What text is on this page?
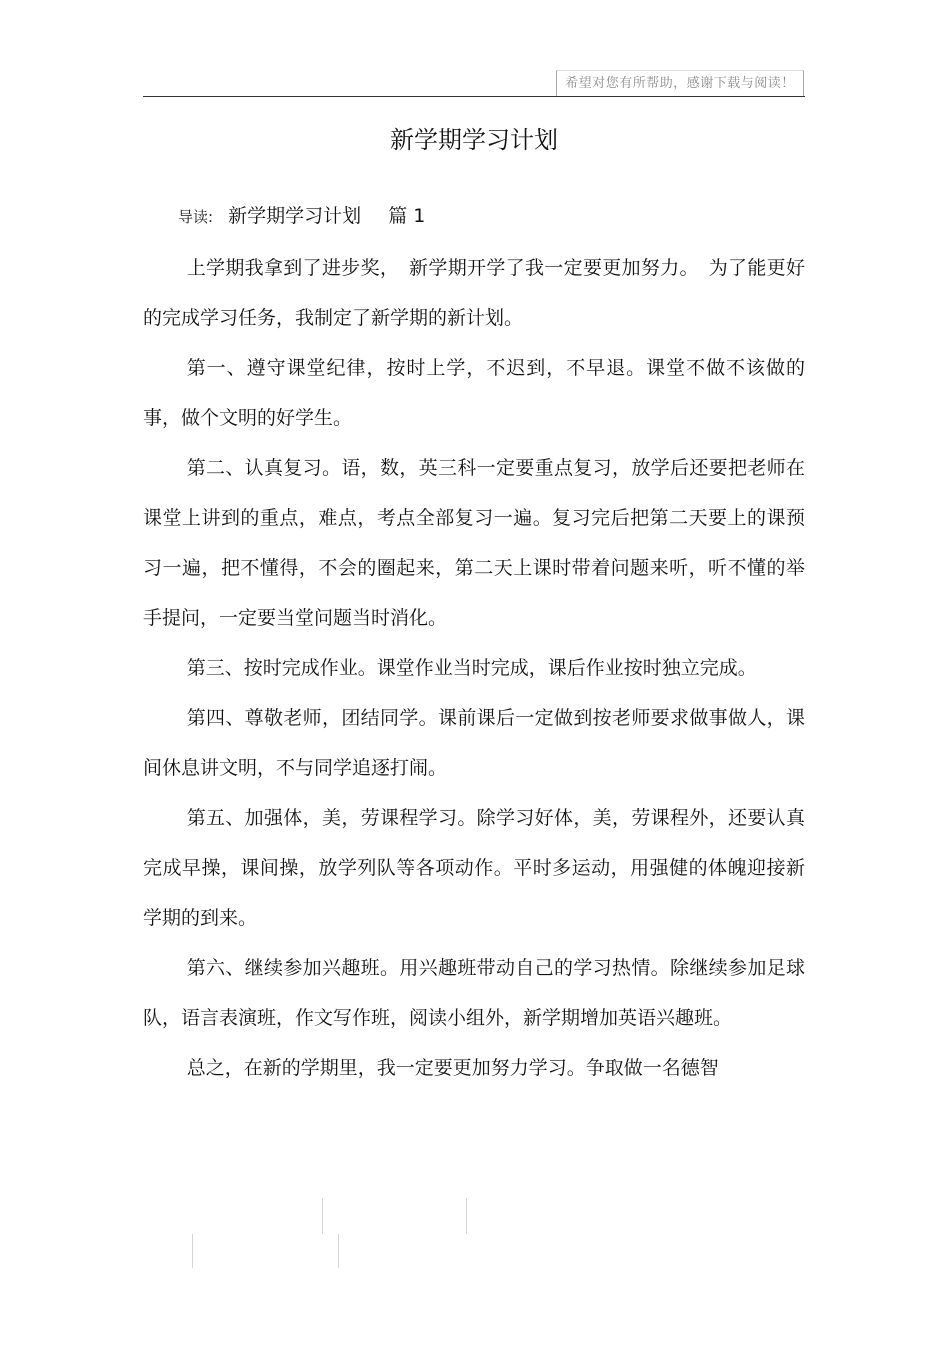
希望对您有所帮助，感谢下载与阅读！
新学期学习计划
导读: 新学期学习计划 篇 1

上学期我拿到了进步奖，　新学期开学了我一定要更加努力。　为了能更好的完成学习任务，我制定了新学期的新计划。

第一、遵守课堂纪律，按时上学，不迟到，不早退。课堂不做不该做的事，做个文明的好学生。

第二、认真复习。语，数，英三科一定要重点复习，放学后还要把老师在课堂上讲到的重点，难点，考点全部复习一遍。复习完后把第二天要上的课预习一遍，把不懂得，不会的圈起来，第二天上课时带着问题来听，听不懂的举手提问，一定要当堂问题当时消化。

第三、按时完成作业。课堂作业当时完成，课后作业按时独立完成。

第四、尊敬老师，团结同学。课前课后一定做到按老师要求做事做人，课间休息讲文明，不与同学追逐打闹。

第五、加强体，美，劳课程学习。除学习好体，美，劳课程外，还要认真完成早操，课间操，放学列队等各项动作。平时多运动，用强健的体魄迎接新学期的到来。

第六、继续参加兴趣班。用兴趣班带动自己的学习热情。除继续参加足球队，语言表演班，作文写作班，阅读小组外，新学期增加英语兴趣班。

总之，在新的学期里，我一定要更加努力学习。争取做一名德智
